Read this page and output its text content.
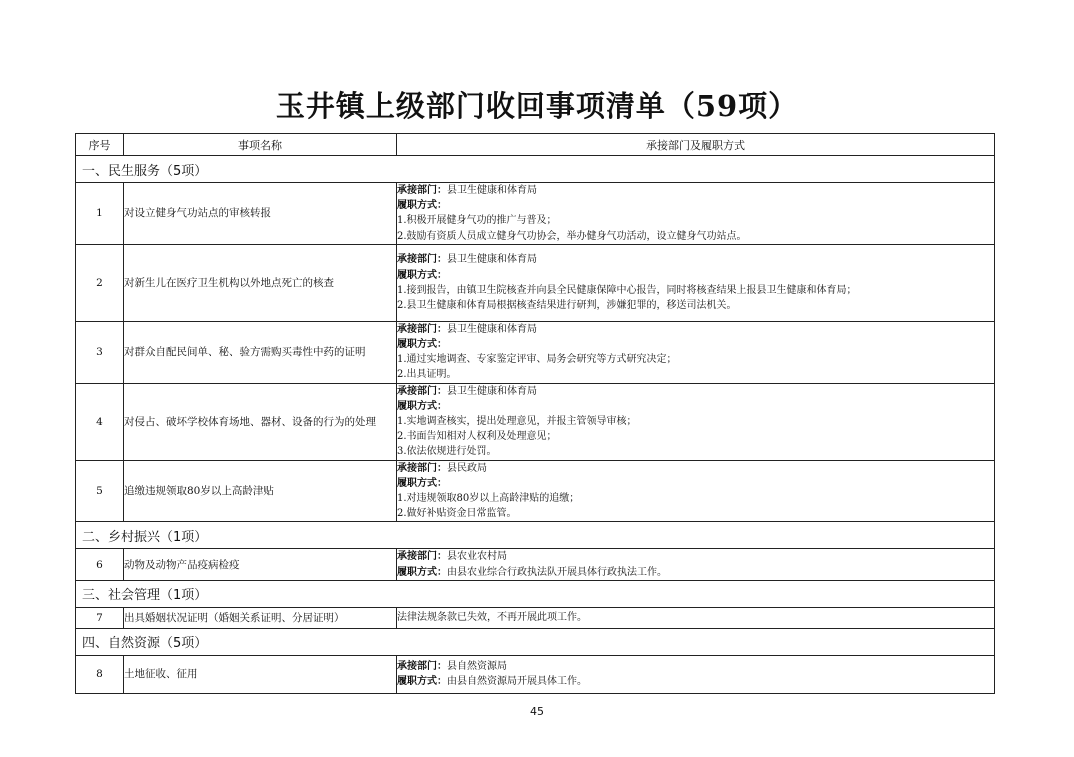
玉井镇上级部门收回事项清单（59项）
序号	事项名称	承接部门及履职方式
一、民生服务（5项）		
1	对设立健身气功站点的审核转报	承接部门：县卫生健康和体育局
履职方式：
1.积极开展健身气功的推广与普及；
2.鼓励有资质人员成立健身气功协会，举办健身气功活动，设立健身气功站点。

2	对新生儿在医疗卫生机构以外地点死亡的核查	承接部门：县卫生健康和体育局
履职方式：
1.接到报告，由镇卫生院核查并向县全民健康保障中心报告，同时将核查结果上报县卫生健康和体育局；
2.县卫生健康和体育局根据核查结果进行研判，涉嫌犯罪的，移送司法机关。

3	对群众自配民间单、秘、验方需购买毒性中药的证明	承接部门：县卫生健康和体育局
履职方式：
1.通过实地调查、专家鉴定评审、局务会研究等方式研究决定；
2.出具证明。

4	对侵占、破坏学校体育场地、器材、设备的行为的处理	承接部门：县卫生健康和体育局
履职方式：
1.实地调查核实，提出处理意见，并报主管领导审核；
2.书面告知相对人权利及处理意见；
3.依法依规进行处罚。

5	追缴违规领取80岁以上高龄津贴	承接部门：县民政局
履职方式：
1.对违规领取80岁以上高龄津贴的追缴；
2.做好补贴资金日常监管。

二、乡村振兴（1项）		
6	动物及动物产品疫病检疫	承接部门：县农业农村局
履职方式：由县农业综合行政执法队开展具体行政执法工作。

三、社会管理（1项）		
7	出具婚姻状况证明（婚姻关系证明、分居证明）	法律法规条款已失效，不再开展此项工作。
四、自然资源（5项）		
8	土地征收、征用	承接部门：县自然资源局
履职方式：由县自然资源局开展具体工作。
45
